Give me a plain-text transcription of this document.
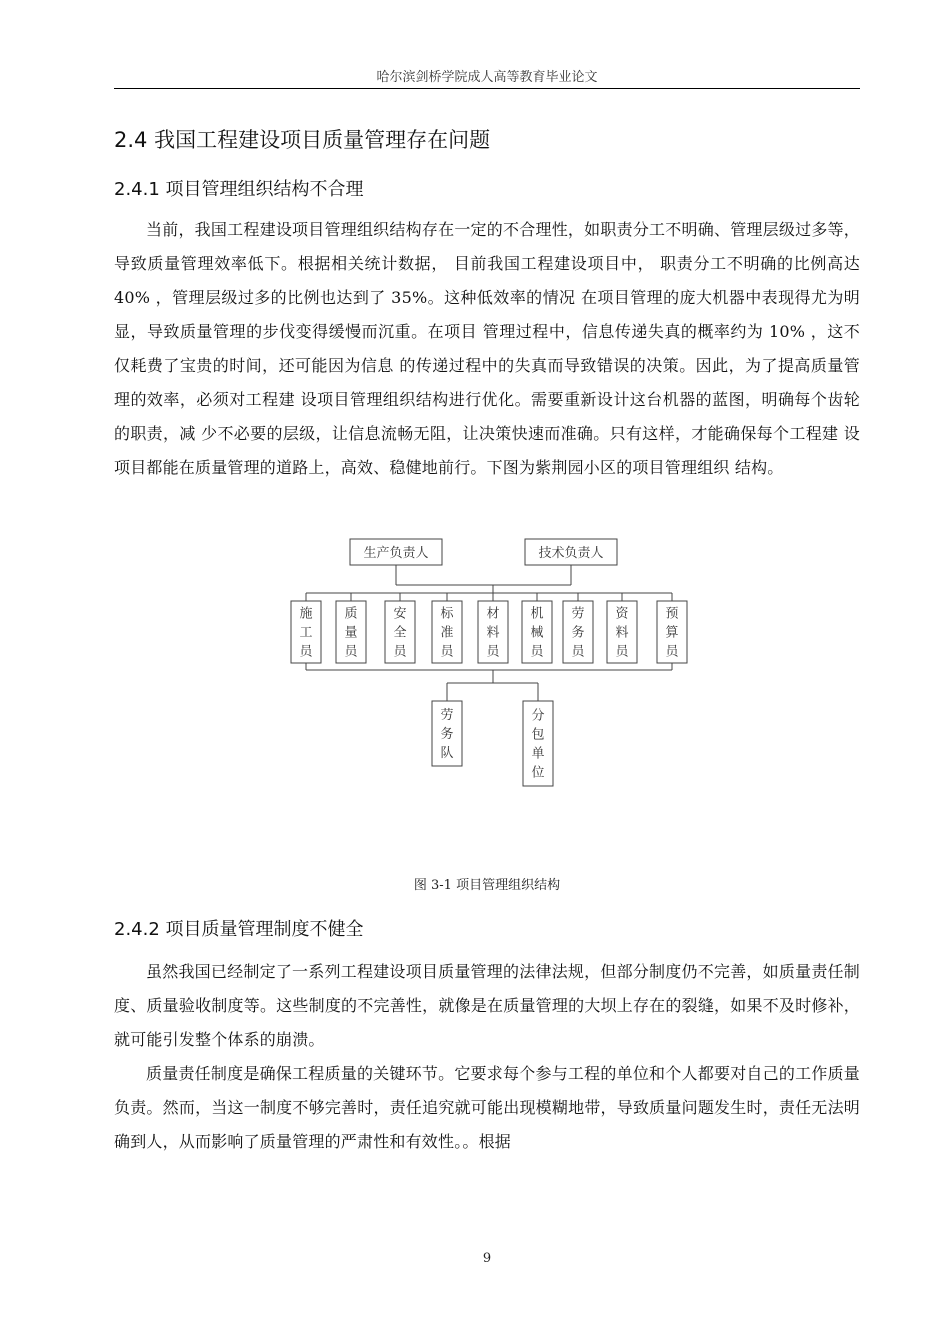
哈尔滨剑桥学院成人高等教育毕业论文
2.4 我国工程建设项目质量管理存在问题
2.4.1 项目管理组织结构不合理

当前，我国工程建设项目管理组织结构存在一定的不合理性，如职责分工不明确、管理层级过多等，导致质量管理效率低下。根据相关统计数据， 目前我国工程建设项目中， 职责分工不明确的比例高达 40% ，管理层级过多的比例也达到了 35%。这种低效率的情况 在项目管理的庞大机器中表现得尤为明显，导致质量管理的步伐变得缓慢而沉重。在项目 管理过程中，信息传递失真的概率约为 10% ，这不仅耗费了宝贵的时间，还可能因为信息 的传递过程中的失真而导致错误的决策。因此，为了提高质量管理的效率，必须对工程建 设项目管理组织结构进行优化。需要重新设计这台机器的蓝图，明确每个齿轮的职责，减 少不必要的层级，让信息流畅无阻，让决策快速而准确。只有这样，才能确保每个工程建 设项目都能在质量管理的道路上，高效、稳健地前行。下图为紫荆园小区的项目管理组织 结构。

生产负责人	技术负责人
施工员
质量员
安全员
标准员
材料员
机械员
劳务员
资料员
预算员
劳务队
分包单位
图 3-1 项目管理组织结构
2.4.2 项目质量管理制度不健全

虽然我国已经制定了一系列工程建设项目质量管理的法律法规，但部分制度仍不完善，如质量责任制度、质量验收制度等。这些制度的不完善性，就像是在质量管理的大坝上存在的裂缝，如果不及时修补，就可能引发整个体系的崩溃。

质量责任制度是确保工程质量的关键环节。它要求每个参与工程的单位和个人都要对自己的工作质量负责。然而，当这一制度不够完善时，责任追究就可能出现模糊地带，导致质量问题发生时，责任无法明确到人，从而影响了质量管理的严肃性和有效性。。根据

9
